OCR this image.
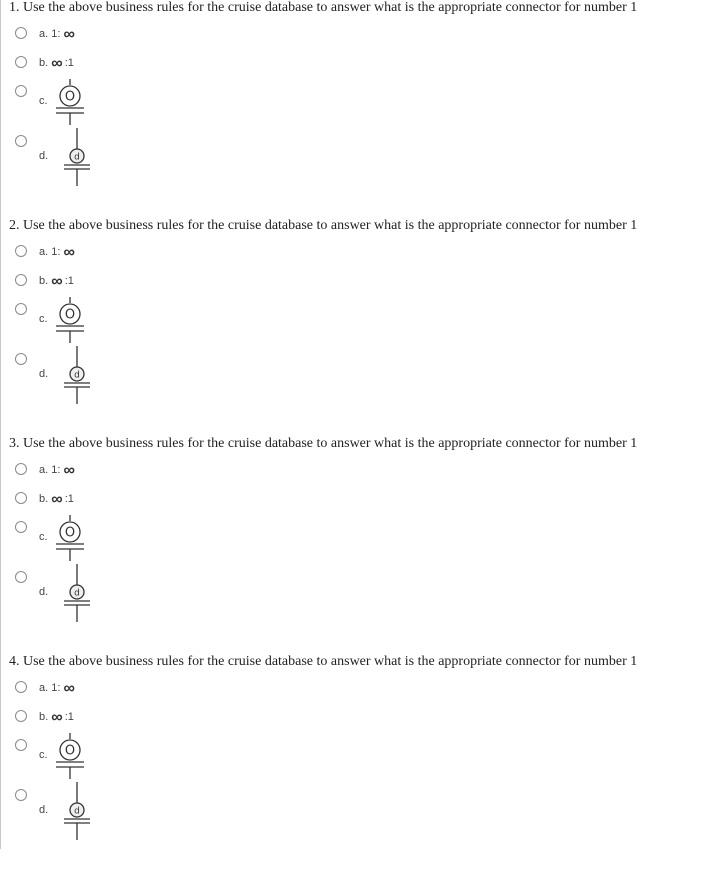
1. Use the above business rules for the cruise database to answer what is the appropriate connector for number 1
a. 1: ∞
b. ∞ :1
c. O
d.	d
2. Use the above business rules for the cruise database to answer what is the appropriate connector for number 1
a. 1: ∞
b. ∞ :1
c. O
d.	d
3. Use the above business rules for the cruise database to answer what is the appropriate connector for number 1
a. 1: ∞
b. ∞ :1
c. O
d.	d
4. Use the above business rules for the cruise database to answer what is the appropriate connector for number 1
a. 1: ∞
b. ∞ :1
c. O
d.	d
